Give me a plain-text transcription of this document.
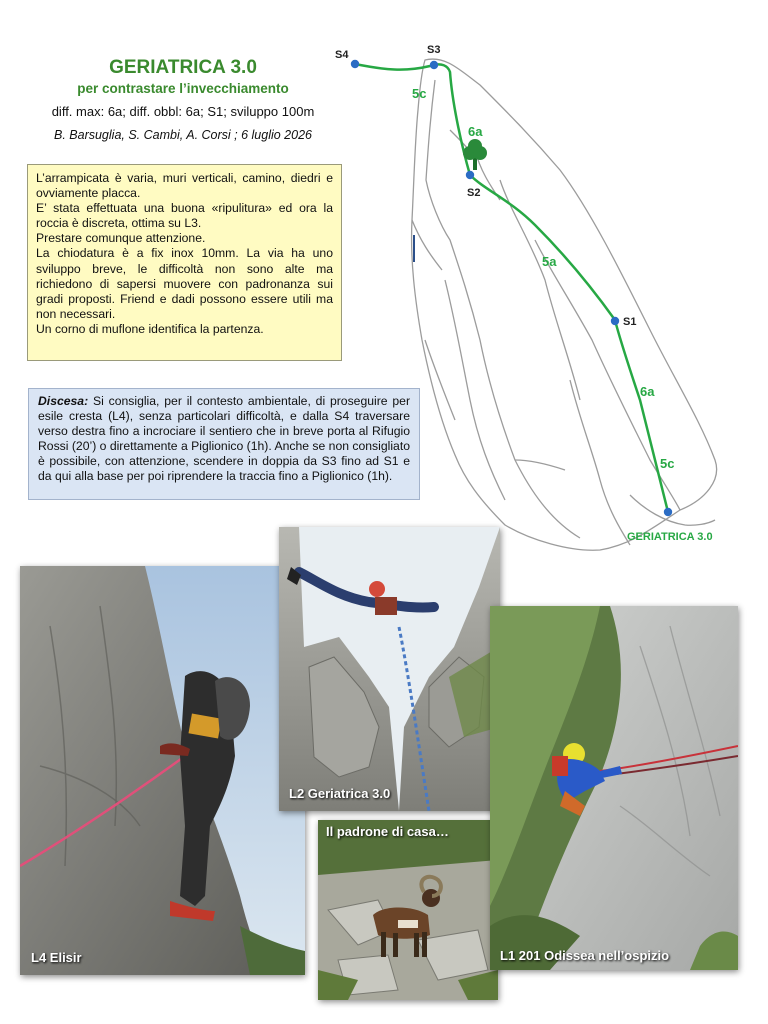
GERIATRICA 3.0
per contrastare l’invecchiamento
diff. max: 6a; diff. obbl: 6a; S1; sviluppo 100m
B. Barsuglia, S. Cambi, A. Corsi ; 6 luglio 2026

L’arrampicata è varia, muri verticali, camino, diedri e ovviamente placca.

E’ stata effettuata una buona «ripulitura» ed ora la roccia è discreta, ottima su L3.

Prestare comunque attenzione.

La chiodatura è a fix inox 10mm. La via ha uno sviluppo breve, le difficoltà non sono alte ma richiedono di sapersi muovere con padronanza sui gradi proposti. Friend e dadi possono essere utili ma non necessari.

Un corno di muflone identifica la partenza.

Discesa: Si consiglia, per il contesto ambientale, di proseguire per esile cresta (L4), senza particolari difficoltà, e dalla S4 traversare verso destra fino a incrociare il sentiero che in breve porta al Rifugio Rossi (20’) o direttamente a Piglionico (1h). Anche se non consigliato è possibile, con attenzione, scendere in doppia da S3 fino ad S1 e da qui alla base per poi riprendere la traccia fino a Piglionico (1h).

S4	S3
S2
S1
5c
6a
5a
6a
5c
GERIATRICA 3.0
L4 Elisir
L2 Geriatrica 3.0
Il padrone di casa…
L1 201 Odissea nell’ospizio
